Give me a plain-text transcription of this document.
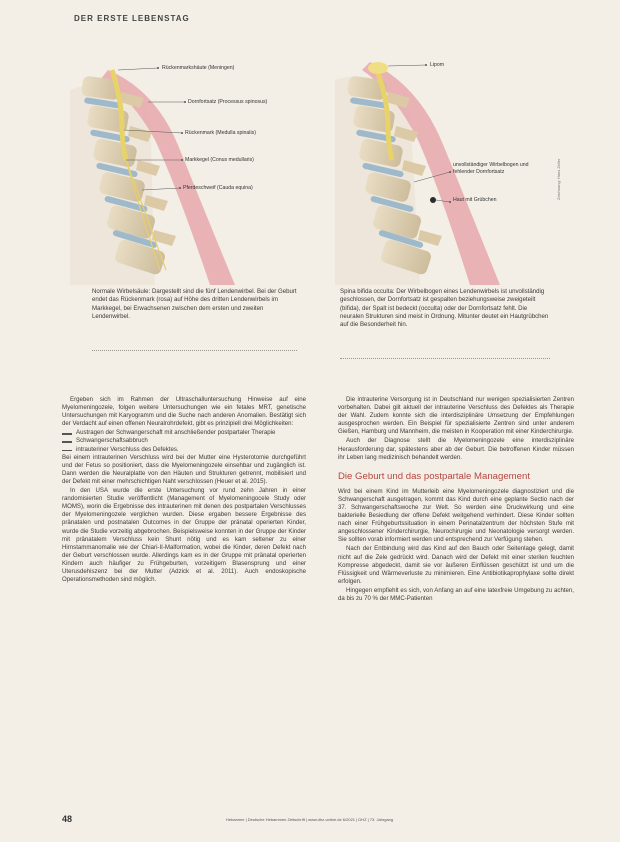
DER ERSTE LEBENSTAG
Rückenmarkshäute (Meningen)
Dornfortsatz (Processus spinosus)
Rückenmark (Medulla spinalis)
Markkegel (Conus medullaris)
Pferdeschweif (Cauda equina)
Lipom
unvollständiger Wirbelbogen und fehlender Dornfortsatz
Haut mit Grübchen	Zeichnung: Hans Zeller
Normale Wirbelsäule: Dargestellt sind die fünf Lendenwirbel. Bei der Geburt endet das Rückenmark (rosa) auf Höhe des dritten Lendenwirbels im Markkegel, bei Erwachsenen zwischen dem ersten und zweiten Lendenwirbel.
Spina bifida occulta: Der Wirbelbogen eines Lendenwirbels ist unvollständig geschlossen, der Dornfortsatz ist gespalten beziehungsweise zweigeteilt (bifida), der Spalt ist bedeckt (occulta) oder der Dornfortsatz fehlt. Die neuralen Strukturen sind meist in Ordnung. Mitunter deutet ein Hautgrübchen auf die Besonderheit hin.

Ergeben sich im Rahmen der Ultraschalluntersuchung Hinweise auf eine Myelomeningozele, folgen weitere Untersuchungen wie ein fetales MRT, genetische Untersuchungen mit Karyogramm und die Suche nach anderen Anomalien. Bestätigt sich der Verdacht auf einen offenen Neuralrohrdefekt, gibt es prinzipiell drei Möglichkeiten:

Austragen der Schwangerschaft mit anschließender postpartaler Therapie
Schwangerschaftsabbruch
intrauteriner Verschluss des Defektes.

Bei einem intrauterinen Verschluss wird bei der Mutter eine Hysterotomie durchgeführt und der Fetus so positioniert, dass die Myelomeningozele einsehbar und zugänglich ist. Dann werden die Neuralplatte von den Häuten und Strukturen getrennt, mobilisiert und der Defekt mit einer mehrschichtigen Naht verschlossen (Heuer et al. 2015).

In den USA wurde die erste Untersuchung vor rund zehn Jahren in einer randomisierten Studie veröffentlicht (Management of Myelomeningocele Study oder MOMS), worin die Ergebnisse des intrauterinen mit denen des postpartalen Verschlusses der Myelomeningozele verglichen wurden. Diese ergaben bessere Ergebnisse des pränatalen und postnatalen Outcomes in der Gruppe der pränatal operierten Kinder, wurde die Studie vorzeitig abgebrochen. Beispielsweise konnten in der Gruppe der Kinder mit pränatalem Verschluss kein Shunt nötig und es kam seltener zu einer Hirnstammanomalie wie der Chiari-II-Malformation, wobei die Kinder, deren Defekt nach der Geburt verschlossen wurde. Allerdings kam es in der Gruppe mit pränatal operierten Kindern auch häufiger zu Frühgeburten, vorzeitigem Blasensprung und einer Uterusdehiszenz bei der Mutter (Adzick et al. 2011). Auch endoskopische Operationsmethoden sind möglich.

Die intrauterine Versorgung ist in Deutschland nur wenigen spezialisierten Zentren vorbehalten. Dabei gilt aktuell der intrauterine Verschluss des Defektes als Therapie der Wahl. Zudem konnte sich die interdisziplinäre Umsetzung der Empfehlungen ausgesprochen werden. Ein Beispiel für spezialisierte Zentren sind unter anderem Gießen, Hamburg und Mannheim, die meisten in Kooperation mit einer Kinderchirurgie.

Auch der Diagnose stellt die Myelomeningozele eine interdisziplinäre Herausforderung dar, spätestens aber ab der Geburt. Die betroffenen Kinder müssen ihr Leben lang medizinisch behandelt werden.

Die Geburt und das postpartale Management

Wird bei einem Kind im Mutterleib eine Myelomeningozele diagnostiziert und die Schwangerschaft ausgetragen, kommt das Kind durch eine geplante Sectio nach der 37. Schwangerschaftswoche zur Welt. So werden eine Druckwirkung und eine bakterielle Besiedlung der offene Defekt weitgehend verhindert. Diese Kinder sollten nach einer Frühgeburtssituation in einem Perinatalzentrum der höchsten Stufe mit angeschlossener Kinderchirurgie, Neurochirurgie und Neonatologie versorgt werden. Sie sollten vorab informiert werden und entsprechend zur Verfügung stehen.

Nach der Entbindung wird das Kind auf den Bauch oder Seitenlage gelegt, damit nicht auf die Zele gedrückt wird. Danach wird der Defekt mit einer sterilen feuchten Kompresse abgedeckt, damit sie vor äußeren Einflüssen geschützt ist und um die Flüssigkeit und Wärmeverluste zu minimieren. Eine Antibiotikaprophylaxe sollte direkt erfolgen.

Hingegen empfiehlt es sich, von Anfang an auf eine latexfreie Umgebung zu achten, da bis zu 70 % der MMC-Patienten

48	Hebamme | Deutsche Hebammen Zeitschrift | www.dhz-online.de 6/2021 | DHZ | 73. Jahrgang
